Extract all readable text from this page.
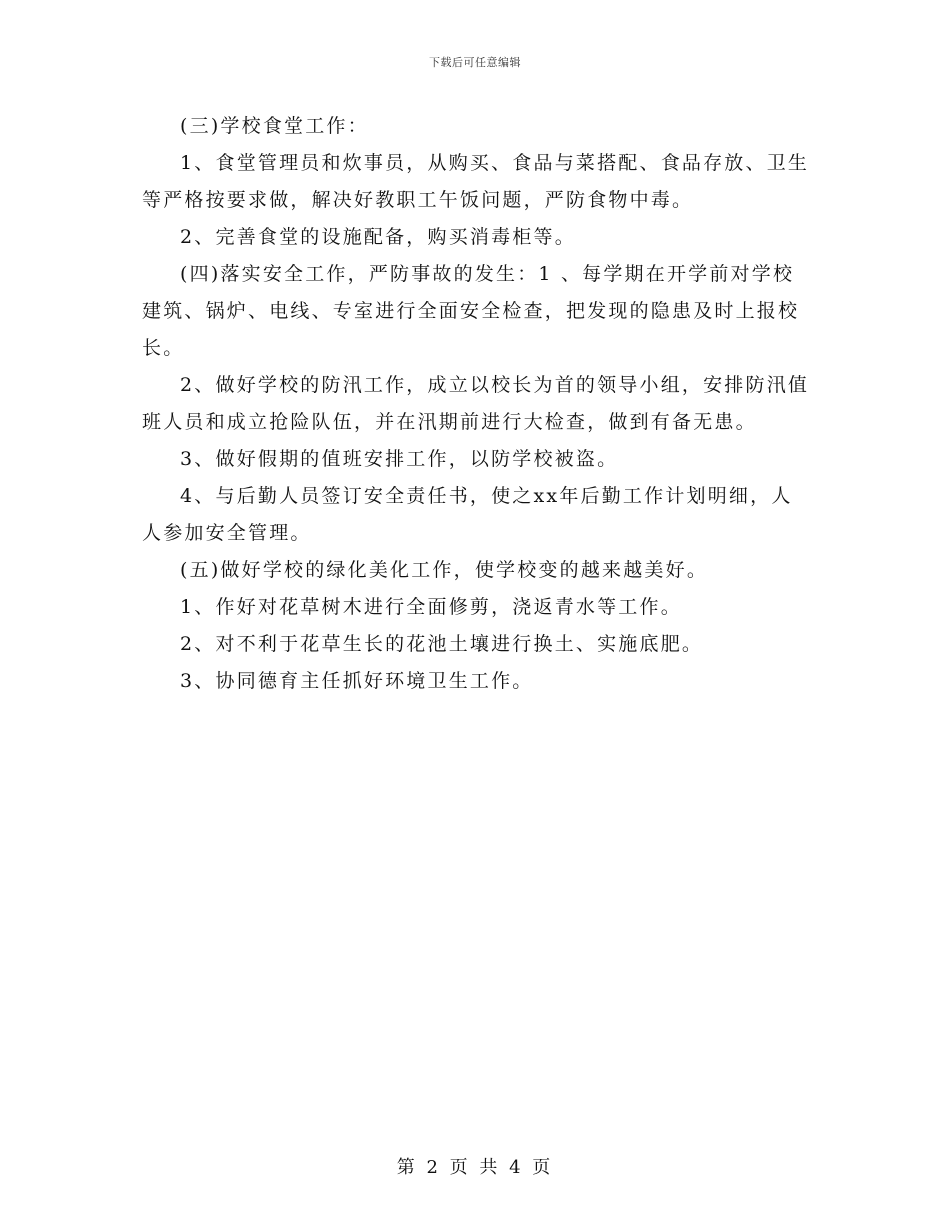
下载后可任意编辑

(三)学校食堂工作：

1、食堂管理员和炊事员，从购买、食品与菜搭配、食品存放、卫生等严格按要求做，解决好教职工午饭问题，严防食物中毒。

2、完善食堂的设施配备，购买消毒柜等。

(四)落实安全工作，严防事故的发生：1 、每学期在开学前对学校建筑、锅炉、电线、专室进行全面安全检查，把发现的隐患及时上报校长。

2、做好学校的防汛工作，成立以校长为首的领导小组，安排防汛值班人员和成立抢险队伍，并在汛期前进行大检查，做到有备无患。

3、做好假期的值班安排工作，以防学校被盗。

4、与后勤人员签订安全责任书，使之xx年后勤工作计划明细，人人参加安全管理。

(五)做好学校的绿化美化工作，使学校变的越来越美好。

1、作好对花草树木进行全面修剪，浇返青水等工作。

2、对不利于花草生长的花池土壤进行换土、实施底肥。

3、协同德育主任抓好环境卫生工作。

第 2 页 共 4 页
